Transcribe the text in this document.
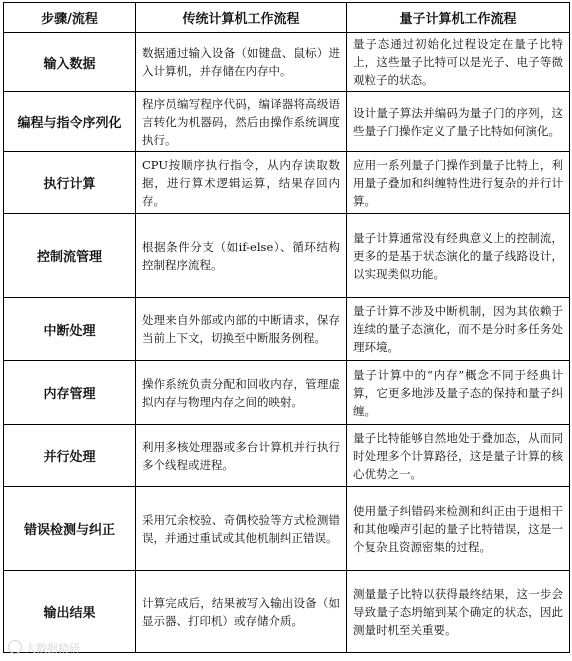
步骤/流程	传统计算机工作流程	量子计算机工作流程
输入数据	数据通过输入设备（如键盘、鼠标）进入计算机，并存储在内存中。	量子态通过初始化过程设定在量子比特上，这些量子比特可以是光子、电子等微观粒子的状态。
编程与指令序列化	程序员编写程序代码，编译器将高级语言转化为机器码，然后由操作系统调度执行。	设计量子算法并编码为量子门的序列，这些量子门操作定义了量子比特如何演化。
执行计算	CPU按顺序执行指令，从内存读取数据，进行算术逻辑运算，结果存回内存。	应用一系列量子门操作到量子比特上，利用量子叠加和纠缠特性进行复杂的并行计算。
控制流管理	根据条件分支（如if-else）、循环结构控制程序流程。	量子计算通常没有经典意义上的控制流，更多的是基于状态演化的量子线路设计，以实现类似功能。
中断处理	处理来自外部或内部的中断请求，保存当前上下文，切换至中断服务例程。	量子计算不涉及中断机制，因为其依赖于连续的量子态演化，而不是分时多任务处理环境。
内存管理	操作系统负责分配和回收内存，管理虚拟内存与物理内存之间的映射。	量子计算中的“内存”概念不同于经典计算，它更多地涉及量子态的保持和量子纠缠。
并行处理	利用多核处理器或多台计算机并行执行多个线程或进程。	量子比特能够自然地处于叠加态，从而同时处理多个计算路径，这是量子计算的核心优势之一。
错误检测与纠正	采用冗余校验、奇偶校验等方式检测错误，并通过重试或其他机制纠正错误。	使用量子纠错码来检测和纠正由于退相干和其他噪声引起的量子比特错误，这是一个复杂且资源密集的过程。
输出结果	计算完成后，结果被写入输出设备（如显示器、打印机）或存储介质。	测量量子比特以获得最终结果，这一步会导致量子态坍缩到某个确定的状态，因此测量时机至关重要。
大数据精研
